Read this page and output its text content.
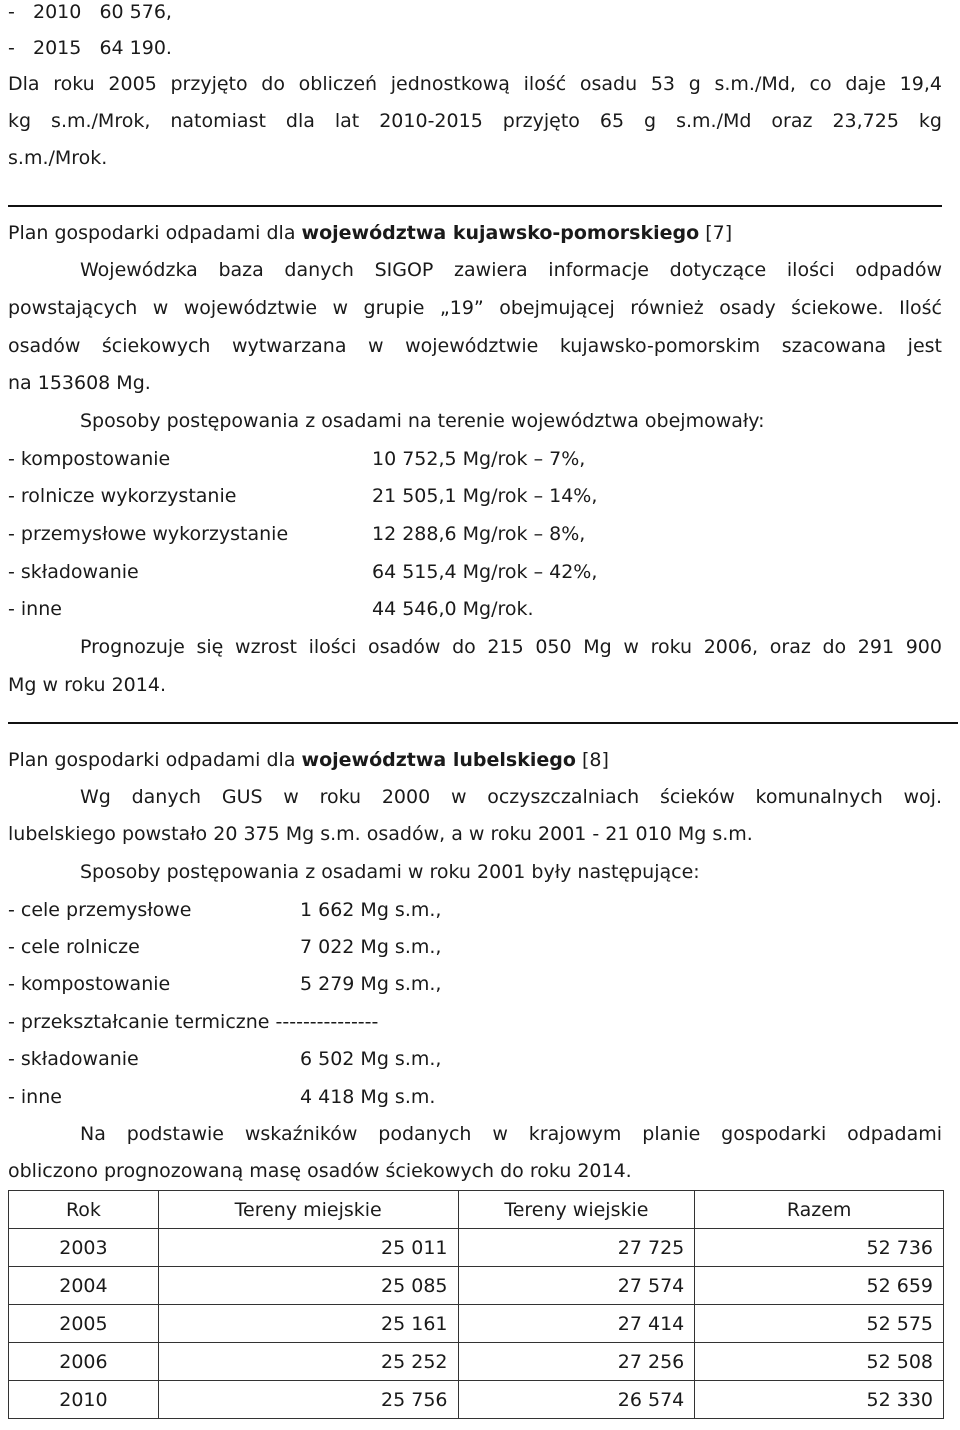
-   2010   60 576,
-   2015   64 190.
Dla roku 2005 przyjęto do obliczeń jednostkową ilość osadu 53 g s.m./Md, co daje 19,4
kg s.m./Mrok, natomiast dla lat 2010-2015 przyjęto 65 g s.m./Md oraz 23,725 kg
s.m./Mrok.
Plan gospodarki odpadami dla województwa kujawsko-pomorskiego [7]
Wojewódzka baza danych SIGOP zawiera informacje dotyczące ilości odpadów
powstających w województwie w grupie „19” obejmującej również osady ściekowe. Ilość
osadów ściekowych wytwarzana w województwie kujawsko-pomorskim szacowana jest
na 153608 Mg.
Sposoby postępowania z osadami na terenie województwa obejmowały:
- kompostowanie	10 752,5 Mg/rok – 7%,
- rolnicze wykorzystanie	21 505,1 Mg/rok – 14%,
- przemysłowe wykorzystanie	12 288,6 Mg/rok – 8%,
- składowanie	64 515,4 Mg/rok – 42%,
- inne	44 546,0 Mg/rok.
Prognozuje się wzrost ilości osadów do 215 050 Mg w roku 2006, oraz do 291 900
Mg w roku 2014.
Plan gospodarki odpadami dla województwa lubelskiego [8]
Wg danych GUS w roku 2000 w oczyszczalniach ścieków komunalnych woj.
lubelskiego powstało 20 375 Mg s.m. osadów, a w roku 2001 - 21 010 Mg s.m.
Sposoby postępowania z osadami w roku 2001 były następujące:
- cele przemysłowe	1 662 Mg s.m.,
- cele rolnicze	7 022 Mg s.m.,
- kompostowanie	5 279 Mg s.m.,
- przekształcanie termiczne ---------------
- składowanie	6 502 Mg s.m.,
- inne	4 418 Mg s.m.
Na podstawie wskaźników podanych w krajowym planie gospodarki odpadami
obliczono prognozowaną masę osadów ściekowych do roku 2014.
Rok	Tereny miejskie	Tereny wiejskie	Razem
2003	25 011	27 725	52 736
2004	25 085	27 574	52 659
2005	25 161	27 414	52 575
2006	25 252	27 256	52 508
2010	25 756	26 574	52 330
